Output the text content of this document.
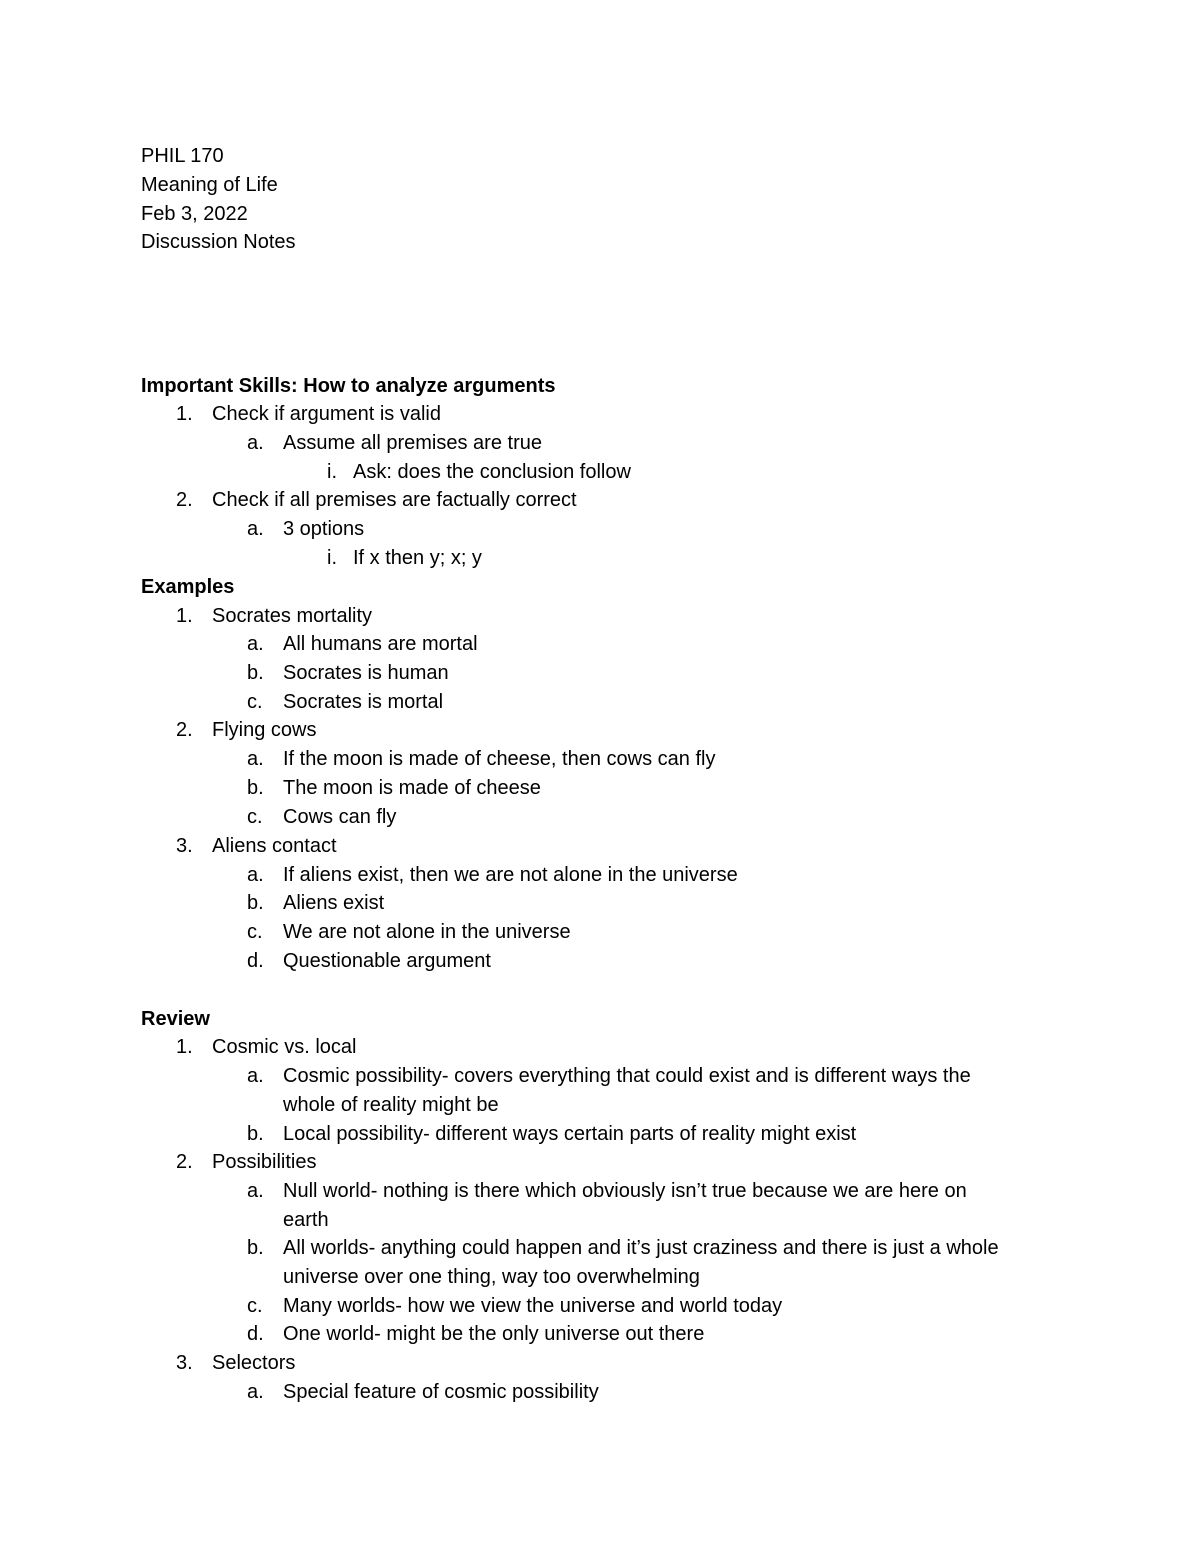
PHIL 170
Meaning of Life
Feb 3, 2022
Discussion Notes
Important Skills: How to analyze arguments
1. Check if argument is valid
a. Assume all premises are true
i. Ask: does the conclusion follow
2. Check if all premises are factually correct
a. 3 options
i. If x then y; x; y
Examples
1. Socrates mortality
a. All humans are mortal
b. Socrates is human
c. Socrates is mortal
2. Flying cows
a. If the moon is made of cheese, then cows can fly
b. The moon is made of cheese
c. Cows can fly
3. Aliens contact
a. If aliens exist, then we are not alone in the universe
b. Aliens exist
c. We are not alone in the universe
d. Questionable argument
Review
1. Cosmic vs. local
a. Cosmic possibility- covers everything that could exist and is different ways the
whole of reality might be
b. Local possibility- different ways certain parts of reality might exist
2. Possibilities
a. Null world- nothing is there which obviously isn’t true because we are here on
earth
b. All worlds- anything could happen and it’s just craziness and there is just a whole
universe over one thing, way too overwhelming
c. Many worlds- how we view the universe and world today
d. One world- might be the only universe out there
3. Selectors
a. Special feature of cosmic possibility
